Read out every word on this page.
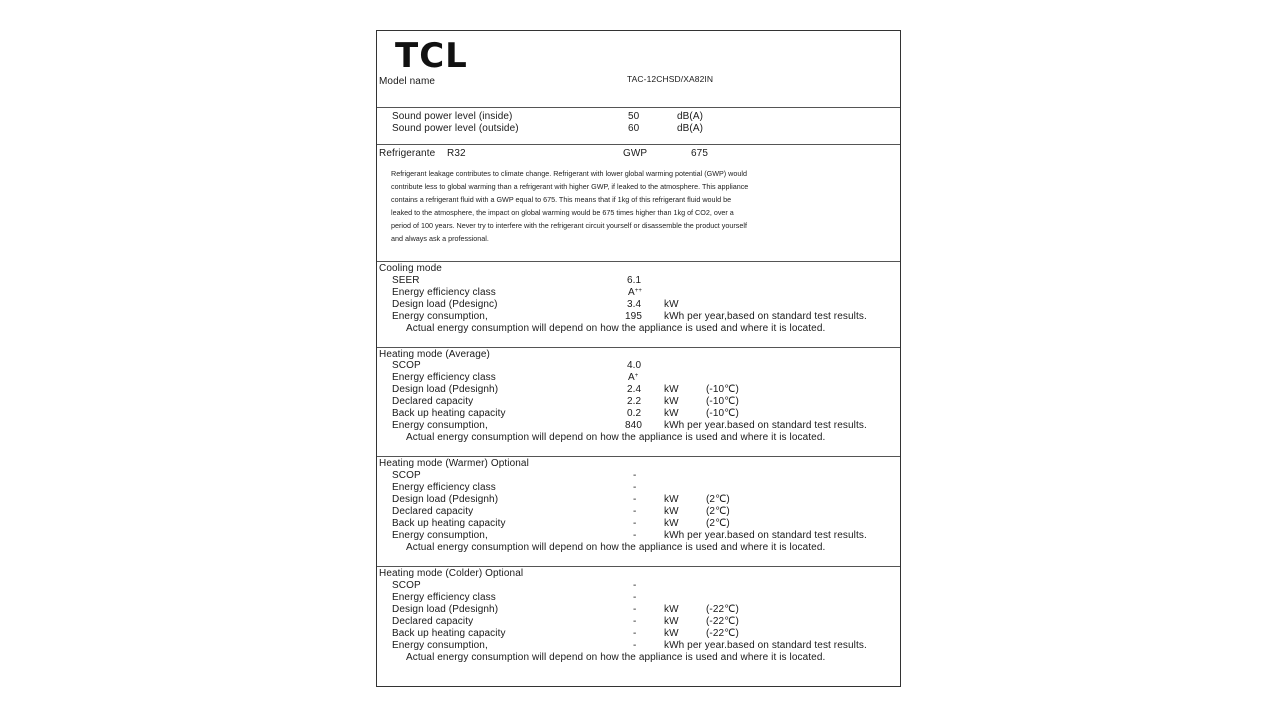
TCL
Model name	TAC-12CHSD/XA82IN
Sound power level (inside)	50	dB(A)
Sound power level (outside)	60	dB(A)
Refrigerante R32	GWP	675
Refrigerant leakage contributes to climate change. Refrigerant with lower global warming potential (GWP) would
contribute less to global warming than a refrigerant with higher GWP, if leaked to the atmosphere. This appliance
contains a refrigerant fluid with a GWP equal to 675. This means that if 1kg of this refrigerant fluid would be
leaked to the atmosphere, the impact on global warming would be 675 times higher than 1kg of CO2, over a
period of 100 years. Never try to interfere with the refrigerant circuit yourself or disassemble the product yourself
and always ask a professional.
Cooling mode
SEER	6.1
Energy efficiency class	A++
Design load (Pdesignc)	3.4 kW
Energy consumption,	195 kWh per year,based on standard test results.
Actual energy consumption will depend on how the appliance is used and where it is located.
Heating mode (Average)
SCOP	4.0
Energy efficiency class	A+
Design load (Pdesignh)	2.4 kW	(-10℃)
Declared capacity	2.2 kW	(-10℃)
Back up heating capacity	0.2 kW	(-10℃)
Energy consumption,	840 kWh per year.based on standard test results.
Actual energy consumption will depend on how the appliance is used and where it is located.
Heating mode (Warmer) Optional
SCOP	-
Energy efficiency class	-
Design load (Pdesignh)	-	kW	(2℃)
Declared capacity	-	kW	(2℃)
Back up heating capacity	-	kW	(2℃)
Energy consumption,	-	kWh per year.based on standard test results.
Actual energy consumption will depend on how the appliance is used and where it is located.
Heating mode (Colder) Optional
SCOP	-
Energy efficiency class	-
Design load (Pdesignh)	-	kW	(-22℃)
Declared capacity	-	kW	(-22℃)
Back up heating capacity	-	kW	(-22℃)
Energy consumption,	-	kWh per year.based on standard test results.
Actual energy consumption will depend on how the appliance is used and where it is located.
